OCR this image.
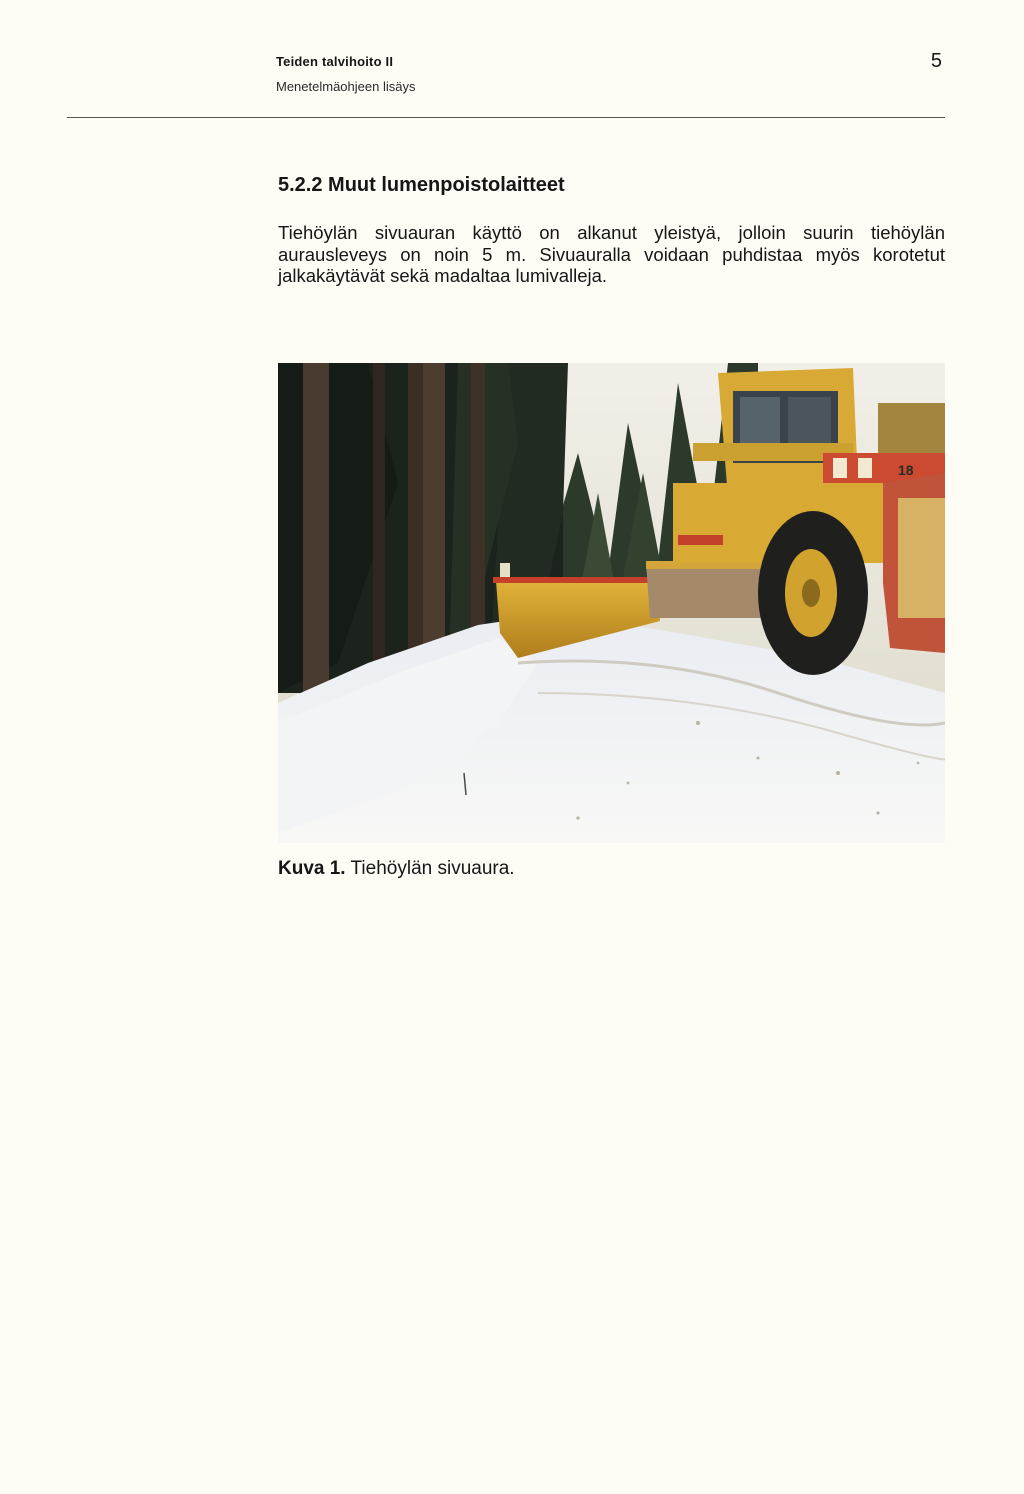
Teiden talvihoito II
Menetelmäohjeen lisäys
5
5.2.2 Muut lumenpoistolaitteet

Tiehöylän sivuauran käyttö on alkanut yleistyä, jolloin suurin tiehöylän aurausleveys on noin 5 m. Sivuauralla voidaan puhdistaa myös korotetut jalkakäytävät sekä madaltaa lumivalleja.

18
Kuva 1. Tiehöylän sivuaura.
